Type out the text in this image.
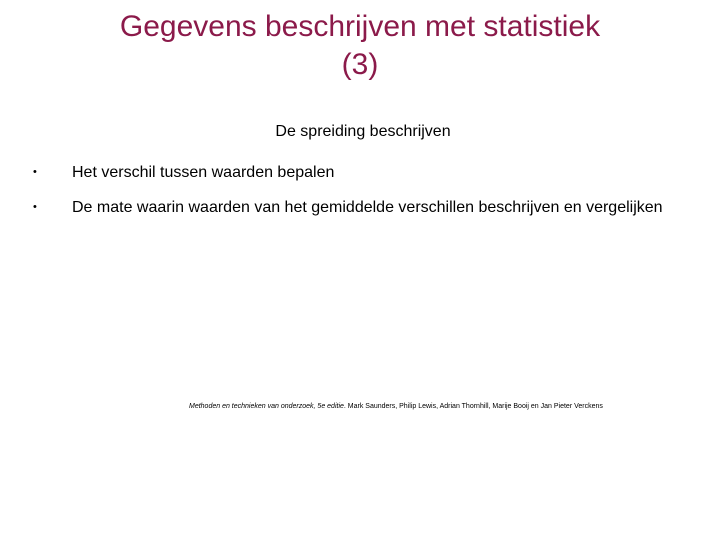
Gegevens beschrijven met statistiek
(3)
De spreiding beschrijven
• Het verschil tussen waarden bepalen
• De mate waarin waarden van het gemiddelde verschillen beschrijven en vergelijken
Methoden en technieken van onderzoek, 5e editie. Mark Saunders, Philip Lewis, Adrian Thornhill, Marije Booij en Jan Pieter Verckens
